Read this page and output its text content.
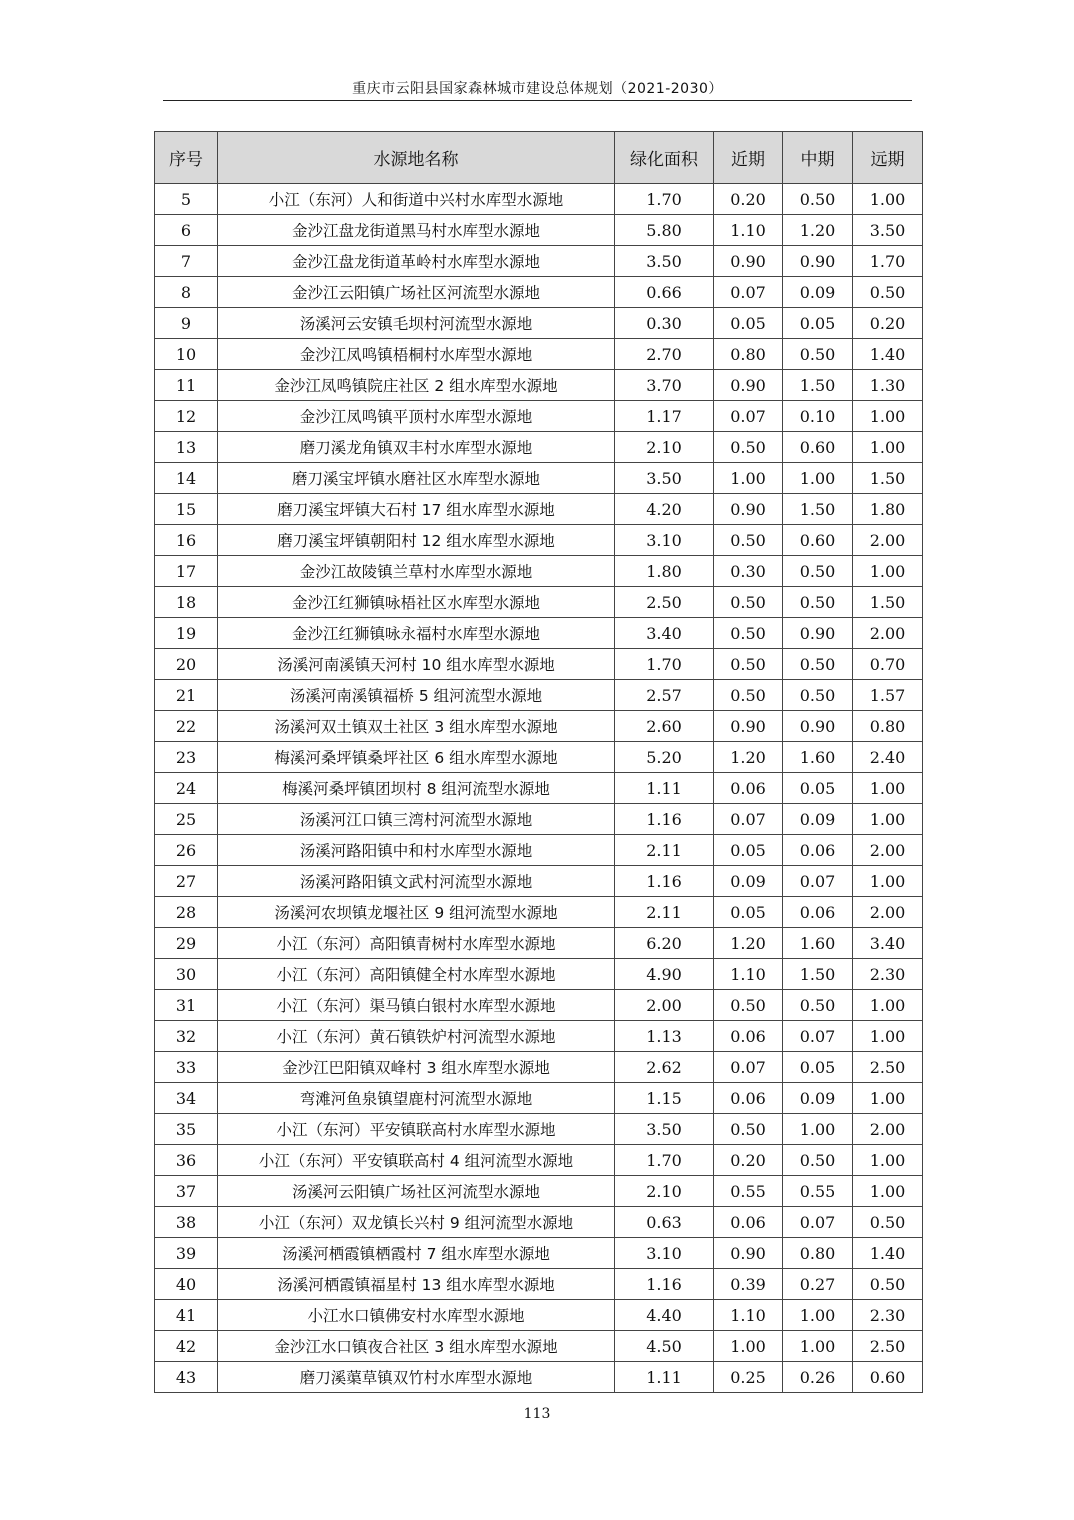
重庆市云阳县国家森林城市建设总体规划（2021-2030）
序号	水源地名称	绿化面积	近期	中期	远期
5	小江（东河）人和街道中兴村水库型水源地	1.70	0.20	0.50	1.00
6	金沙江盘龙街道黑马村水库型水源地	5.80	1.10	1.20	3.50
7	金沙江盘龙街道革岭村水库型水源地	3.50	0.90	0.90	1.70
8	金沙江云阳镇广场社区河流型水源地	0.66	0.07	0.09	0.50
9	汤溪河云安镇毛坝村河流型水源地	0.30	0.05	0.05	0.20
10	金沙江凤鸣镇梧桐村水库型水源地	2.70	0.80	0.50	1.40
11	金沙江凤鸣镇院庄社区 2 组水库型水源地	3.70	0.90	1.50	1.30
12	金沙江凤鸣镇平顶村水库型水源地	1.17	0.07	0.10	1.00
13	磨刀溪龙角镇双丰村水库型水源地	2.10	0.50	0.60	1.00
14	磨刀溪宝坪镇水磨社区水库型水源地	3.50	1.00	1.00	1.50
15	磨刀溪宝坪镇大石村 17 组水库型水源地	4.20	0.90	1.50	1.80
16	磨刀溪宝坪镇朝阳村 12 组水库型水源地	3.10	0.50	0.60	2.00
17	金沙江故陵镇兰草村水库型水源地	1.80	0.30	0.50	1.00
18	金沙江红狮镇咏梧社区水库型水源地	2.50	0.50	0.50	1.50
19	金沙江红狮镇咏永福村水库型水源地	3.40	0.50	0.90	2.00
20	汤溪河南溪镇天河村 10 组水库型水源地	1.70	0.50	0.50	0.70
21	汤溪河南溪镇福桥 5 组河流型水源地	2.57	0.50	0.50	1.57
22	汤溪河双土镇双土社区 3 组水库型水源地	2.60	0.90	0.90	0.80
23	梅溪河桑坪镇桑坪社区 6 组水库型水源地	5.20	1.20	1.60	2.40
24	梅溪河桑坪镇团坝村 8 组河流型水源地	1.11	0.06	0.05	1.00
25	汤溪河江口镇三湾村河流型水源地	1.16	0.07	0.09	1.00
26	汤溪河路阳镇中和村水库型水源地	2.11	0.05	0.06	2.00
27	汤溪河路阳镇文武村河流型水源地	1.16	0.09	0.07	1.00
28	汤溪河农坝镇龙堰社区 9 组河流型水源地	2.11	0.05	0.06	2.00
29	小江（东河）高阳镇青树村水库型水源地	6.20	1.20	1.60	3.40
30	小江（东河）高阳镇健全村水库型水源地	4.90	1.10	1.50	2.30
31	小江（东河）渠马镇白银村水库型水源地	2.00	0.50	0.50	1.00
32	小江（东河）黄石镇铁炉村河流型水源地	1.13	0.06	0.07	1.00
33	金沙江巴阳镇双峰村 3 组水库型水源地	2.62	0.07	0.05	2.50
34	弯滩河鱼泉镇望鹿村河流型水源地	1.15	0.06	0.09	1.00
35	小江（东河）平安镇联高村水库型水源地	3.50	0.50	1.00	2.00
36	小江（东河）平安镇联高村 4 组河流型水源地	1.70	0.20	0.50	1.00
37	汤溪河云阳镇广场社区河流型水源地	2.10	0.55	0.55	1.00
38	小江（东河）双龙镇长兴村 9 组河流型水源地	0.63	0.06	0.07	0.50
39	汤溪河栖霞镇栖霞村 7 组水库型水源地	3.10	0.90	0.80	1.40
40	汤溪河栖霞镇福星村 13 组水库型水源地	1.16	0.39	0.27	0.50
41	小江水口镇佛安村水库型水源地	4.40	1.10	1.00	2.30
42	金沙江水口镇夜合社区 3 组水库型水源地	4.50	1.00	1.00	2.50
43	磨刀溪蕖草镇双竹村水库型水源地	1.11	0.25	0.26	0.60
113
